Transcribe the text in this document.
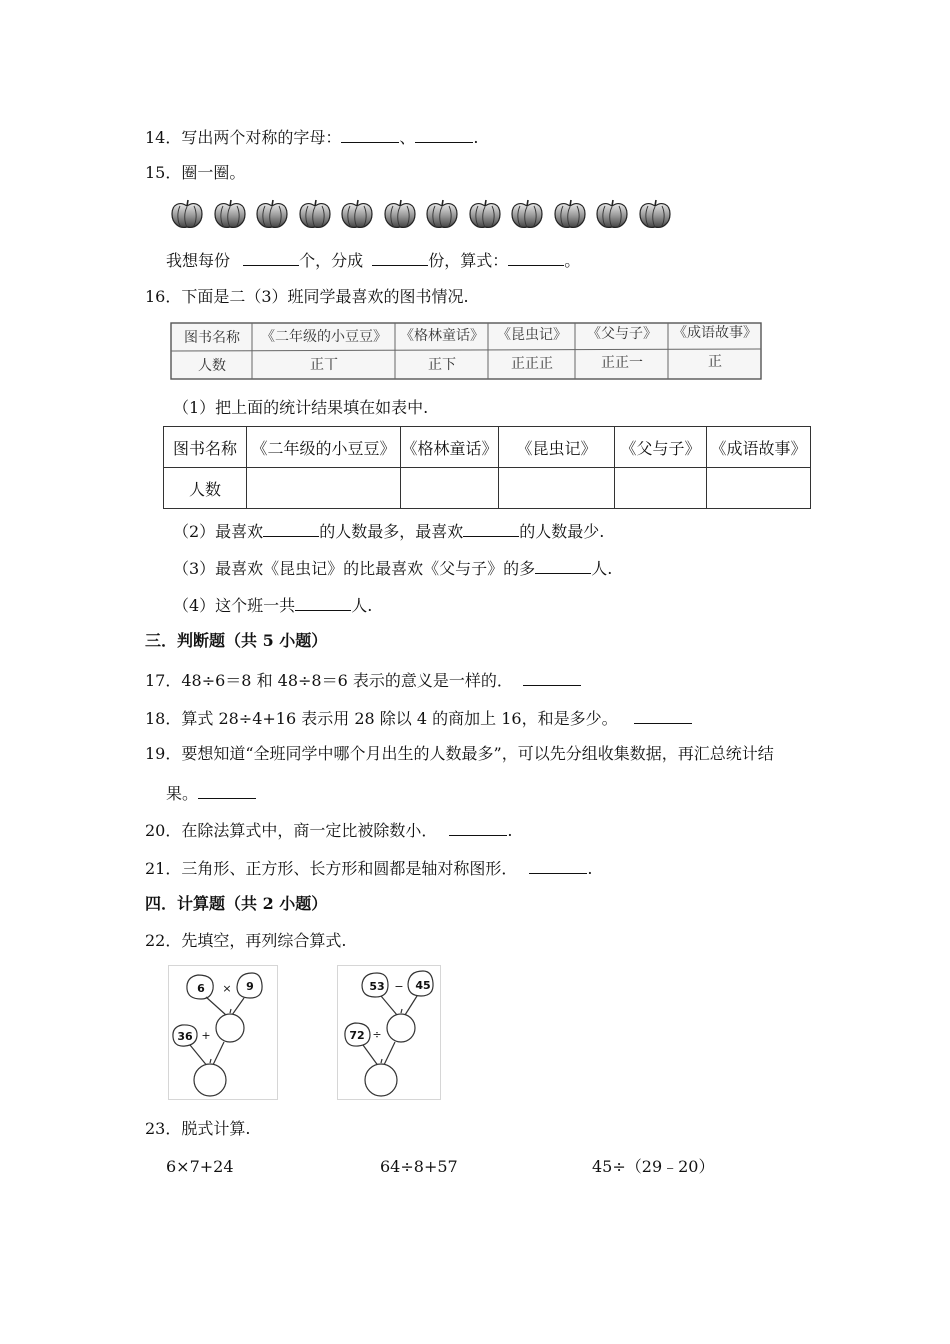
14．写出两个对称的字母：	、	.
15．圈一圈。
我想每份	个，分成	份，算式：	。
16．下面是二（3）班同学最喜欢的图书情况.
图书名称 《二年级的小豆豆》 《格林童话》 《昆虫记》 《父与子》 《成语故事》
人数	正丅	正下	正正正	正正一	正
（1）把上面的统计结果填在如表中.
图书名称	《二年级的小豆豆》	《格林童话》	《昆虫记》	《父与子》	《成语故事》
人数					
（2）最喜欢	的人数最多，最喜欢	的人数最少.
（3）最喜欢《昆虫记》的比最喜欢《父与子》的多	人.
（4）这个班一共	人.
三．判断题（共 5 小题）
17．48÷6＝8 和 48÷8＝6 表示的意义是一样的．
18．算式 28÷4+16 表示用 28 除以 4 的商加上 16，和是多少。
19．要想知道“全班同学中哪个月出生的人数最多”，可以先分组收集数据，再汇总统计结
果。
20．在除法算式中，商一定比被除数小．	.
21．三角形、正方形、长方形和圆都是轴对称图形．	.
四．计算题（共 2 小题）
22．先填空，再列综合算式.
6 × 9
36 +
53 − 45
72 ÷
23．脱式计算.
6×7+24	64÷8+57	45÷（29﹣20）
